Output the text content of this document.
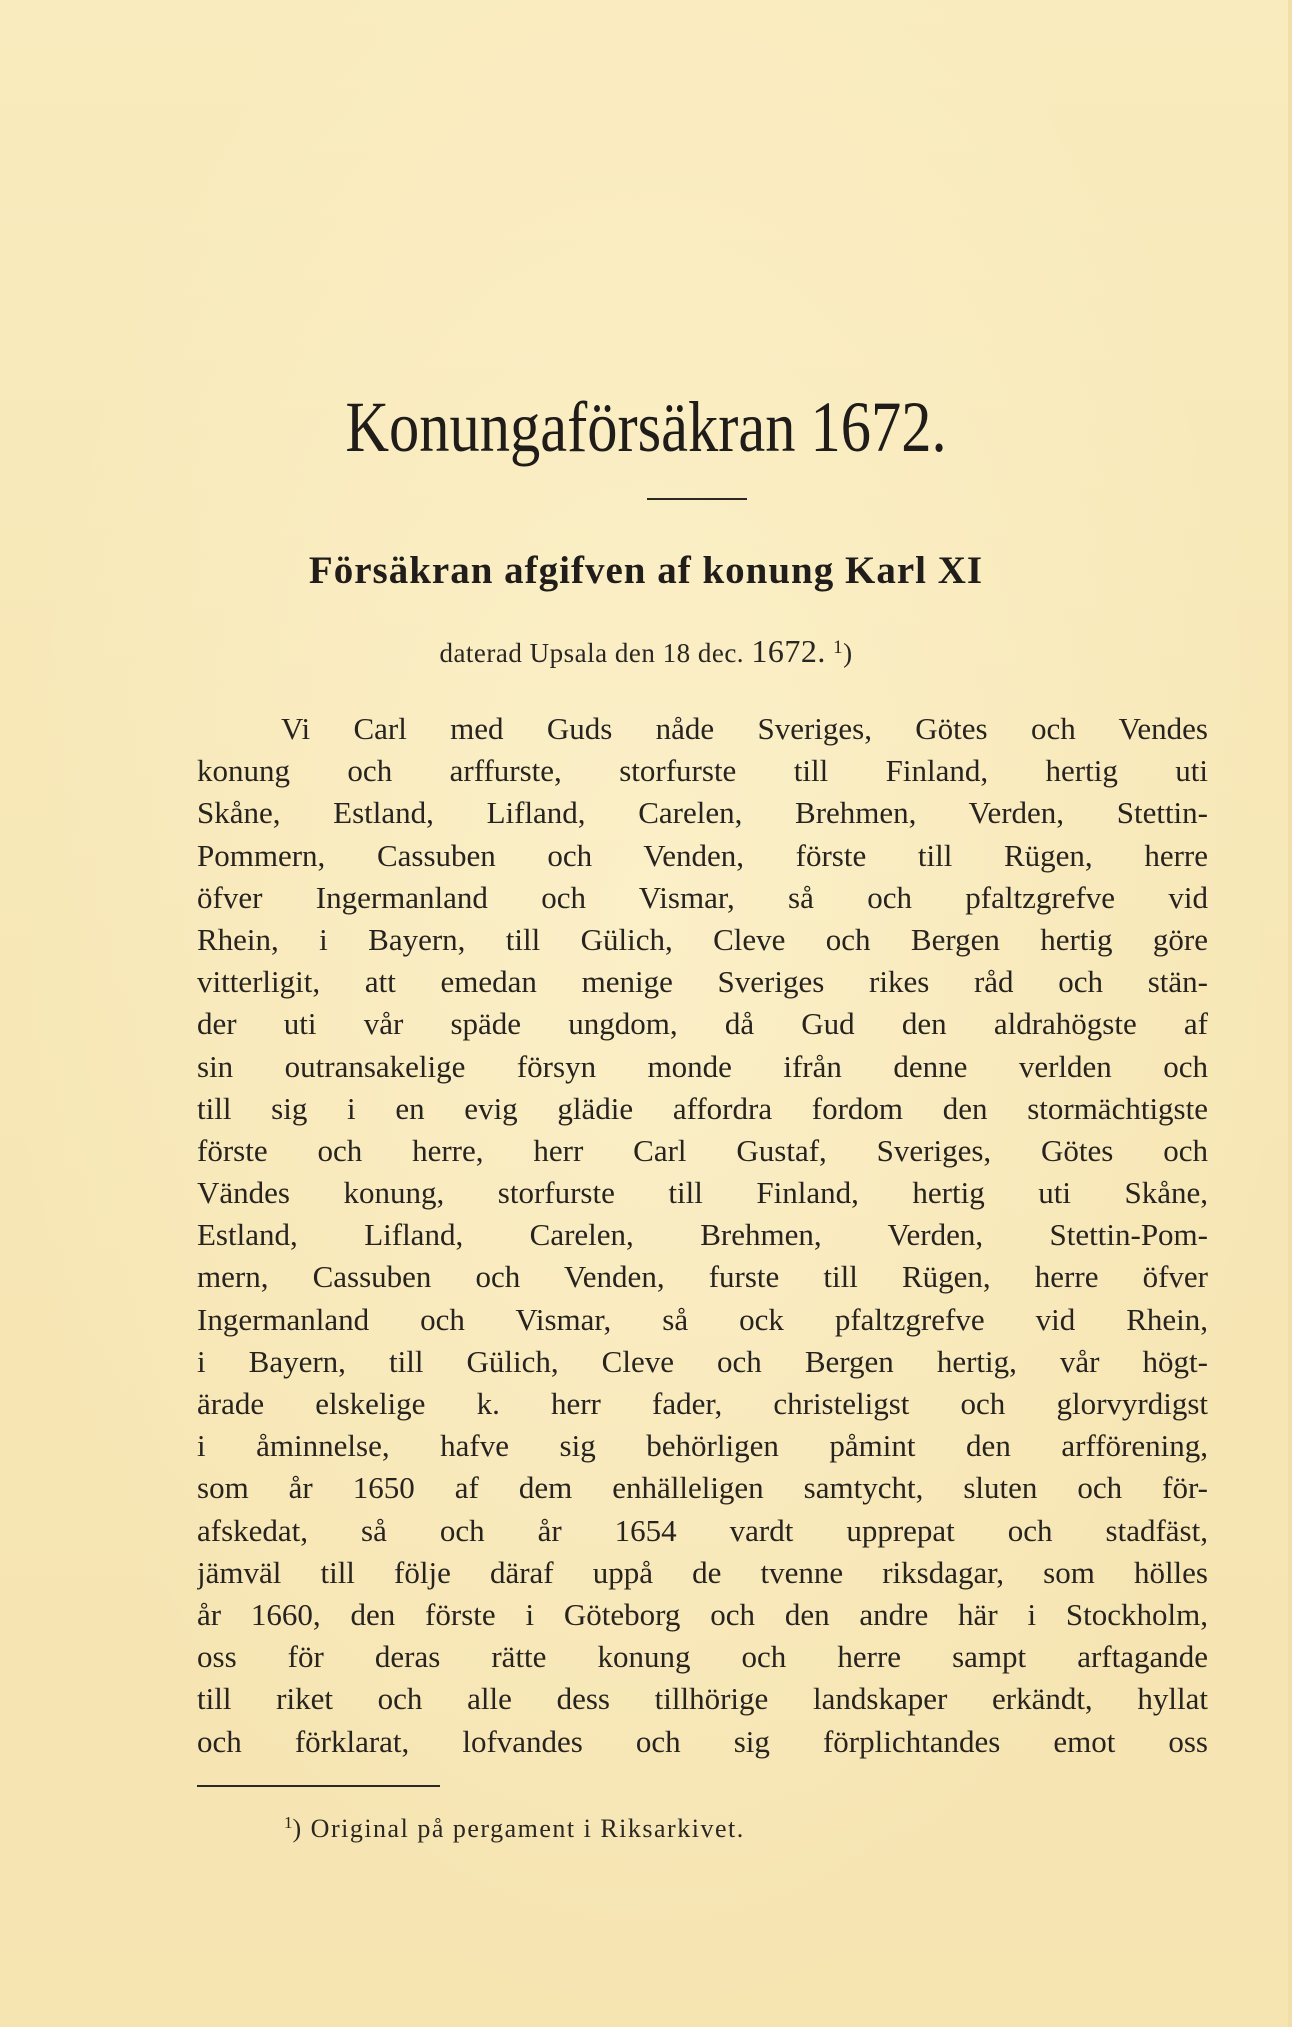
Konungaförsäkran 1672.
Försäkran afgifven af konung Karl XI
daterad Upsala den 18 dec. 1672. $^1$)
Vi Carl med Guds nåde Sveriges, Götes och Vendes
konung och arffurste, storfurste till Finland, hertig uti
Skåne, Estland, Lifland, Carelen, Brehmen, Verden, Stettin-
Pommern, Cassuben och Venden, förste till Rügen, herre
öfver Ingermanland och Vismar, så och pfaltzgrefve vid
Rhein, i Bayern, till Gülich, Cleve och Bergen hertig göre
vitterligit, att emedan menige Sveriges rikes råd och stän-
der uti vår späde ungdom, då Gud den aldrahögste af
sin outransakelige försyn monde ifrån denne verlden och
till sig i en evig glädie affordra fordom den stormächtigste
förste och herre, herr Carl Gustaf, Sveriges, Götes och
Vändes konung, storfurste till Finland, hertig uti Skåne,
Estland, Lifland, Carelen, Brehmen, Verden, Stettin-Pom-
mern, Cassuben och Venden, furste till Rügen, herre öfver
Ingermanland och Vismar, så ock pfaltzgrefve vid Rhein,
i Bayern, till Gülich, Cleve och Bergen hertig, vår högt-
ärade elskelige k. herr fader, christeligst och glorvyrdigst
i åminnelse, hafve sig behörligen påmint den arfförening,
som år 1650 af dem enhälleligen samtycht, sluten och för-
afskedat, så och år 1654 vardt upprepat och stadfäst,
jämväl till följe däraf uppå de tvenne riksdagar, som hölles
år 1660, den förste i Göteborg och den andre här i Stockholm,
oss för deras rätte konung och herre sampt arftagande
till riket och alle dess tillhörige landskaper erkändt, hyllat
och förklarat, lofvandes och sig förplichtandes emot oss
$^1$) Original på pergament i Riksarkivet.
